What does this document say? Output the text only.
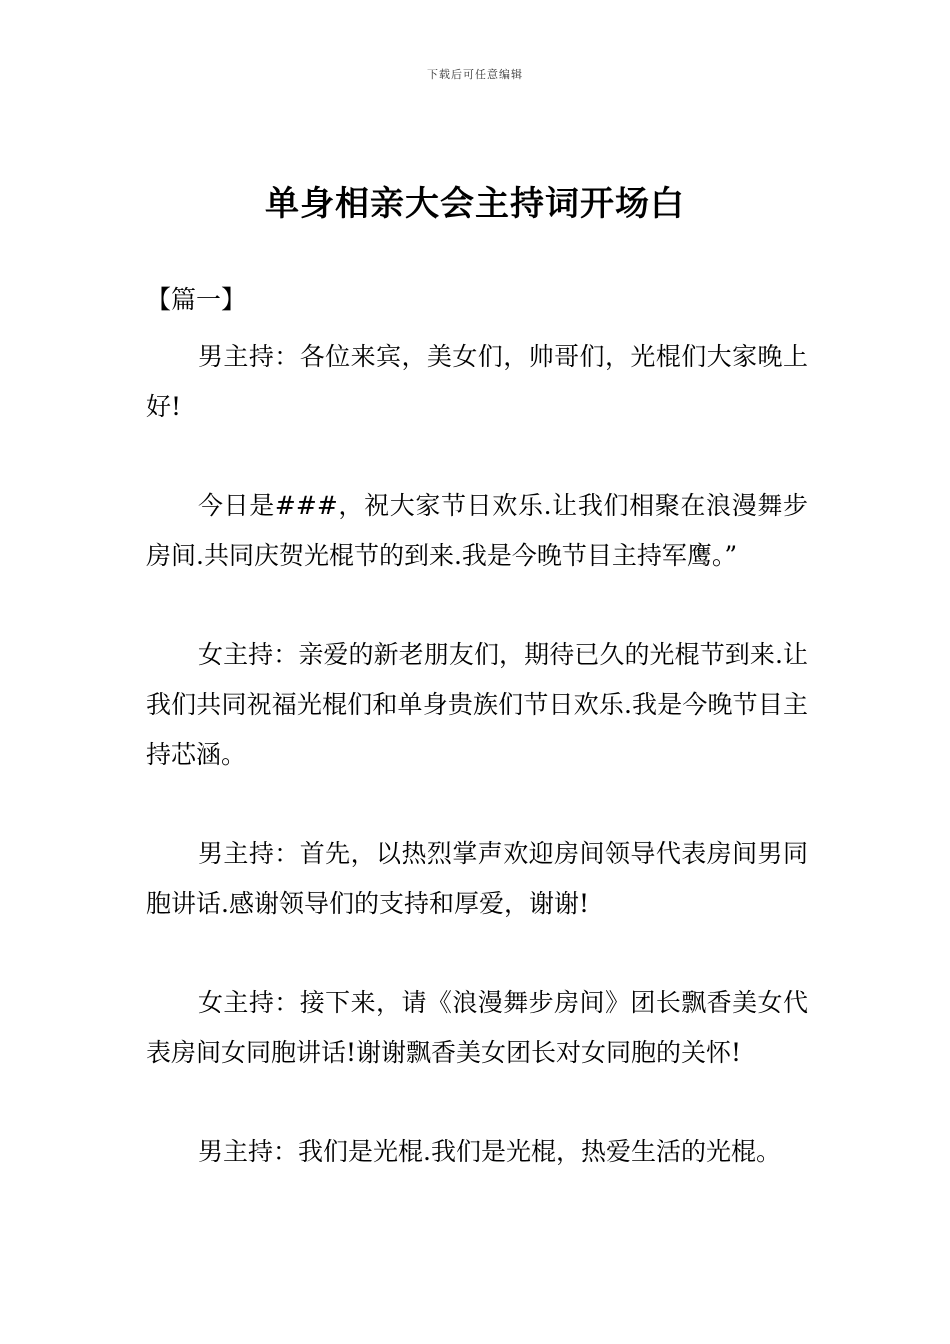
下载后可任意编辑
单身相亲大会主持词开场白
【篇一】

男主持：各位来宾，美女们，帅哥们，光棍们大家晚上好!

今日是###，祝大家节日欢乐.让我们相聚在浪漫舞步房间.共同庆贺光棍节的到来.我是今晚节目主持军鹰。”

女主持：亲爱的新老朋友们，期待已久的光棍节到来.让我们共同祝福光棍们和单身贵族们节日欢乐.我是今晚节目主持芯涵。

男主持：首先，以热烈掌声欢迎房间领导代表房间男同胞讲话.感谢领导们的支持和厚爱，谢谢!

女主持：接下来，请《浪漫舞步房间》团长飘香美女代表房间女同胞讲话!谢谢飘香美女团长对女同胞的关怀!

男主持：我们是光棍.我们是光棍，热爱生活的光棍。
